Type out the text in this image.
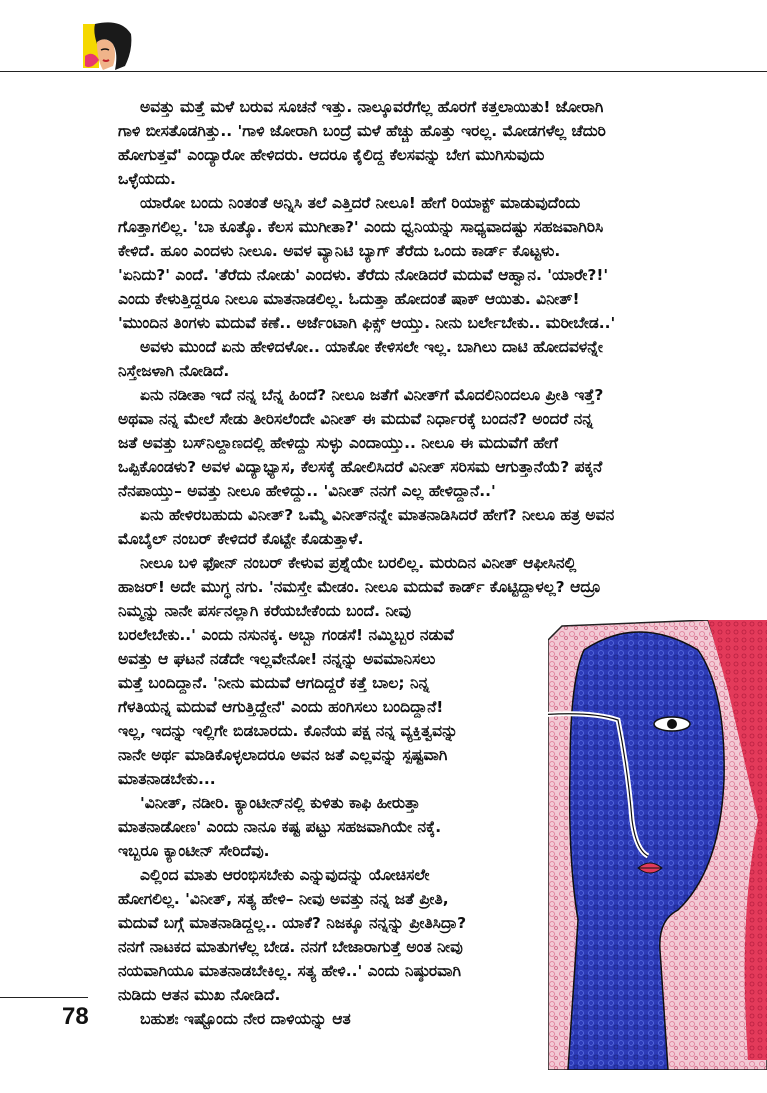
ಅವತ್ತು ಮತ್ತೆ ಮಳೆ ಬರುವ ಸೂಚನೆ ಇತ್ತು. ನಾಲ್ಕೂವರೆಗೆಲ್ಲ ಹೊರಗೆ ಕತ್ತಲಾಯಿತು! ಜೋರಾಗಿ
ಗಾಳಿ ಬೀಸತೊಡಗಿತ್ತು.. 'ಗಾಳಿ ಜೋರಾಗಿ ಬಂದ್ರೆ ಮಳೆ ಹೆಚ್ಚು ಹೊತ್ತು ಇರಲ್ಲ. ಮೋಡಗಳೆಲ್ಲ ಚೆದುರಿ
ಹೋಗುತ್ತವೆ' ಎಂದ್ಯಾರೋ ಹೇಳಿದರು. ಆದರೂ ಕೈಲಿದ್ದ ಕೆಲಸವನ್ನು ಬೇಗ ಮುಗಿಸುವುದು
ಒಳ್ಳೆಯದು.
ಯಾರೋ ಬಂದು ನಿಂತಂತೆ ಅನ್ನಿಸಿ ತಲೆ ಎತ್ತಿದರೆ ನೀಲೂ! ಹೇಗೆ ರಿಯಾಕ್ಟ್ ಮಾಡುವುದೆಂದು
ಗೊತ್ತಾಗಲಿಲ್ಲ. 'ಬಾ ಕೂತ್ಕೊ. ಕೆಲಸ ಮುಗೀತಾ?' ಎಂದು ಧ್ವನಿಯನ್ನು ಸಾಧ್ಯವಾದಷ್ಟು ಸಹಜವಾಗಿರಿಸಿ
ಕೇಳಿದೆ. ಹೂಂ ಎಂದಳು ನೀಲೂ. ಅವಳ ವ್ಯಾನಿಟಿ ಬ್ಯಾಗ್ ತೆರೆದು ಒಂದು ಕಾರ್ಡ್ ಕೊಟ್ಟಳು.
'ಏನಿದು?' ಎಂದೆ. 'ತೆರೆದು ನೋಡು' ಎಂದಳು. ತೆರೆದು ನೋಡಿದರೆ ಮದುವೆ ಆಹ್ವಾನ. 'ಯಾರೇ?!'
ಎಂದು ಕೇಳುತ್ತಿದ್ದರೂ ನೀಲೂ ಮಾತನಾಡಲಿಲ್ಲ. ಓದುತ್ತಾ ಹೋದಂತೆ ಷಾಕ್ ಆಯಿತು. ವಿನೀತ್!
'ಮುಂದಿನ ತಿಂಗಳು ಮದುವೆ ಕಣೆ.. ಅರ್ಜೆಂಟಾಗಿ ಫಿಕ್ಸ್ ಆಯ್ತು. ನೀನು ಬರ್ಲೇಬೇಕು.. ಮರೀಬೇಡ..'
ಅವಳು ಮುಂದೆ ಏನು ಹೇಳಿದಳೋ.. ಯಾಕೋ ಕೇಳಿಸಲೇ ಇಲ್ಲ. ಬಾಗಿಲು ದಾಟಿ ಹೋದವಳನ್ನೇ
ನಿಸ್ತೇಜಳಾಗಿ ನೋಡಿದೆ.
ಏನು ನಡೀತಾ ಇದೆ ನನ್ನ ಬೆನ್ನ ಹಿಂದೆ? ನೀಲೂ ಜತೆಗೆ ವಿನೀತ್‌ಗೆ ಮೊದಲಿನಿಂದಲೂ ಪ್ರೀತಿ ಇತ್ತೆ?
ಅಥವಾ ನನ್ನ ಮೇಲೆ ಸೇಡು ತೀರಿಸಲೆಂದೇ ವಿನೀತ್ ಈ ಮದುವೆ ನಿರ್ಧಾರಕ್ಕೆ ಬಂದನೆ? ಅಂದರೆ ನನ್ನ
ಜತೆ ಅವತ್ತು ಬಸ್‌ನಿಲ್ದಾಣದಲ್ಲಿ ಹೇಳಿದ್ದು ಸುಳ್ಳು ಎಂದಾಯ್ತು.. ನೀಲೂ ಈ ಮದುವೆಗೆ ಹೇಗೆ
ಒಪ್ಪಿಕೊಂಡಳು? ಅವಳ ವಿದ್ಯಾಭ್ಯಾಸ, ಕೆಲಸಕ್ಕೆ ಹೋಲಿಸಿದರೆ ವಿನೀತ್ ಸರಿಸಮ ಆಗುತ್ತಾನೆಯೆ? ಪಕ್ಕನೆ
ನೆನಪಾಯ್ತು– ಅವತ್ತು ನೀಲೂ ಹೇಳಿದ್ದು.. 'ವಿನೀತ್ ನನಗೆ ಎಲ್ಲ ಹೇಳಿದ್ದಾನೆ..'
ಏನು ಹೇಳಿರಬಹುದು ವಿನೀತ್? ಒಮ್ಮೆ ವಿನೀತ್‌ನನ್ನೇ ಮಾತನಾಡಿಸಿದರೆ ಹೇಗೆ? ನೀಲೂ ಹತ್ರ ಅವನ
ಮೊಬೈಲ್ ನಂಬರ್ ಕೇಳಿದರೆ ಕೊಟ್ಟೇ ಕೊಡುತ್ತಾಳೆ.
ನೀಲೂ ಬಳಿ ಫೋನ್ ನಂಬರ್ ಕೇಳುವ ಪ್ರಶ್ನೆಯೇ ಬರಲಿಲ್ಲ. ಮರುದಿನ ವಿನೀತ್ ಆಫೀಸಿನಲ್ಲಿ
ಹಾಜರ್! ಅದೇ ಮುಗ್ಧ ನಗು. 'ನಮಸ್ತೇ ಮೇಡಂ. ನೀಲೂ ಮದುವೆ ಕಾರ್ಡ್ ಕೊಟ್ಟಿದ್ದಾಳಲ್ಲ? ಆದ್ರೂ
ನಿಮ್ಮನ್ನು ನಾನೇ ಪರ್ಸನಲ್ಲಾಗಿ ಕರೆಯಬೇಕೆಂದು ಬಂದೆ. ನೀವು
ಬರಲೇಬೇಕು..' ಎಂದು ನಸುನಕ್ಕ. ಅಬ್ಬಾ ಗಂಡಸೆ! ನಮ್ಮಿಬ್ಬರ ನಡುವೆ
ಅವತ್ತು ಆ ಘಟನೆ ನಡೆದೇ ಇಲ್ಲವೇನೋ! ನನ್ನನ್ನು ಅವಮಾನಿಸಲು
ಮತ್ತೆ ಬಂದಿದ್ದಾನೆ. 'ನೀನು ಮದುವೆ ಆಗದಿದ್ದರೆ ಕತ್ತೆ ಬಾಲ; ನಿನ್ನ
ಗೆಳತಿಯನ್ನ ಮದುವೆ ಆಗುತ್ತಿದ್ದೇನೆ' ಎಂದು ಹಂಗಿಸಲು ಬಂದಿದ್ದಾನೆ!
ಇಲ್ಲ, ಇದನ್ನು ಇಲ್ಲಿಗೇ ಬಿಡಬಾರದು. ಕೊನೆಯ ಪಕ್ಷ ನನ್ನ ವ್ಯಕ್ತಿತ್ವವನ್ನು
ನಾನೇ ಅರ್ಥ ಮಾಡಿಕೊಳ್ಳಲಾದರೂ ಅವನ ಜತೆ ಎಲ್ಲವನ್ನು ಸ್ಪಷ್ಟವಾಗಿ
ಮಾತನಾಡಬೇಕು...
'ವಿನೀತ್, ನಡೀರಿ. ಕ್ಯಾಂಟೀನ್‌ನಲ್ಲಿ ಕುಳಿತು ಕಾಫಿ ಹೀರುತ್ತಾ
ಮಾತನಾಡೋಣ' ಎಂದು ನಾನೂ ಕಷ್ಟ ಪಟ್ಟು ಸಹಜವಾಗಿಯೇ ನಕ್ಕೆ.
ಇಬ್ಬರೂ ಕ್ಯಾಂಟೀನ್ ಸೇರಿದೆವು.
ಎಲ್ಲಿಂದ ಮಾತು ಆರಂಭಿಸಬೇಕು ಎನ್ನುವುದನ್ನು ಯೋಚಿಸಲೇ
ಹೋಗಲಿಲ್ಲ. 'ವಿನೀತ್, ಸತ್ಯ ಹೇಳಿ– ನೀವು ಅವತ್ತು ನನ್ನ ಜತೆ ಪ್ರೀತಿ,
ಮದುವೆ ಬಗ್ಗೆ ಮಾತನಾಡಿದ್ದಲ್ಲ.. ಯಾಕೆ? ನಿಜಕ್ಕೂ ನನ್ನನ್ನು ಪ್ರೀತಿಸಿದ್ರಾ?
ನನಗೆ ನಾಟಕದ ಮಾತುಗಳೆಲ್ಲ ಬೇಡ. ನನಗೆ ಬೇಜಾರಾಗುತ್ತೆ ಅಂತ ನೀವು
ನಯವಾಗಿಯೂ ಮಾತನಾಡಬೇಕಿಲ್ಲ. ಸತ್ಯ ಹೇಳಿ..' ಎಂದು ನಿಷ್ಠುರವಾಗಿ
ನುಡಿದು ಆತನ ಮುಖ ನೋಡಿದೆ.
ಬಹುಶಃ ಇಷ್ಟೊಂದು ನೇರ ದಾಳಿಯನ್ನು ಆತ
78
